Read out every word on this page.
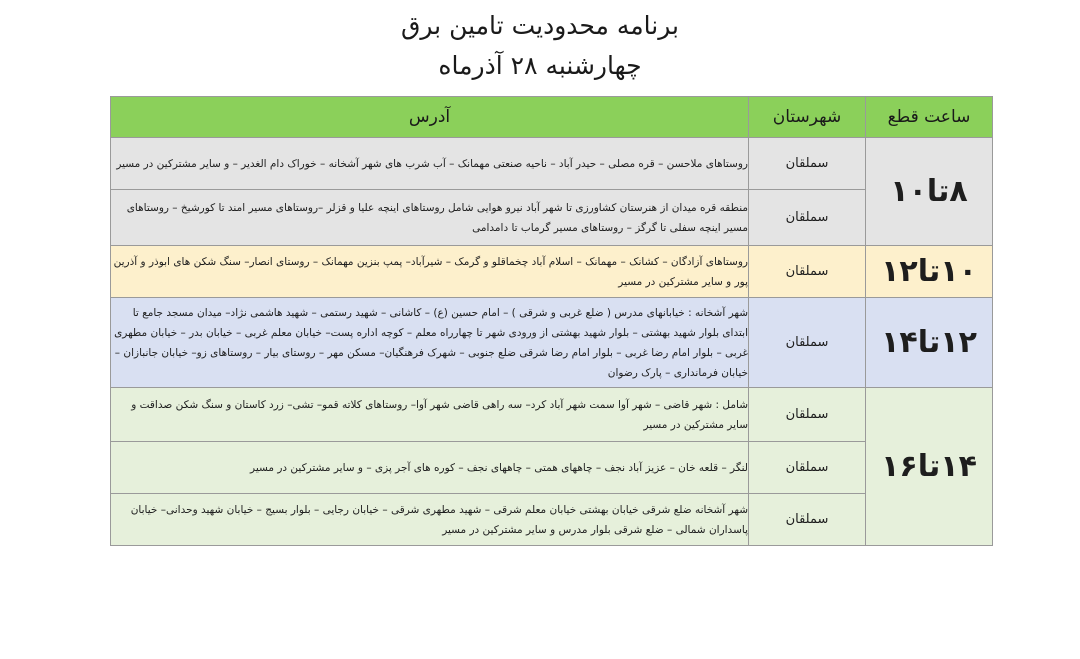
برنامه محدودیت تامین برق
چهارشنبه ۲۸ آذرماه
ساعت قطع	شهرستان	آدرس
۸تا۱۰	سملقان	روستاهای ملاحسن – قره مصلی – حیدر آباد – ناحیه صنعتی مهمانک – آب شرب های شهر آشخانه – خوراک دام الغدیر – و سایر مشترکین در مسیر
	سملقان	منطقه قره میدان از هنرستان کشاورزی تا شهر آباد نیرو هوایی شامل روستاهای اینچه علیا و قزلر –روستاهای مسیر امند تا کورشیخ – روستاهای مسیر اینچه سفلی تا گرگز – روستاهای مسیر گرماب تا دامدامی
۱۰تا۱۲	سملقان	روستاهای آزادگان – کشانک – مهمانک – اسلام آباد چخماقلو و گرمک – شیرآباد– پمپ بنزین مهمانک – روستای انصار– سنگ شکن های ابوذر و آذرین پور و سایر مشترکین در مسیر
۱۲تا۱۴	سملقان	شهر آشخانه : خیابانهای مدرس ( ضلع غربی و شرقی ) – امام حسین (ع) – کاشانی – شهید رستمی – شهید هاشمی نژاد– میدان مسجد جامع تا ابتدای بلوار شهید بهشتی – بلوار شهید بهشتی از ورودی شهر تا چهارراه معلم – کوچه اداره پست– خیابان معلم غربی – خیابان بدر – خیابان مطهری غربی – بلوار امام رضا غربی – بلوار امام رضا شرقی ضلع جنوبی – شهرک فرهنگیان– مسکن مهر – روستای بیار – روستاهای زو– خیابان جانبازان – خیابان فرمانداری – پارک رضوان
۱۴تا۱۶	سملقان	شامل : شهر قاضی – شهر آوا سمت شهر آباد کرد– سه راهی قاضی شهر آوا– روستاهای کلاته قمو– تشی– زرد کاستان و سنگ شکن صداقت و سایر مشترکین در مسیر
	سملقان	لنگر – قلعه خان – عزیز آباد نجف – چاههای همتی – چاههای نجف – کوره های آجر پزی – و سایر مشترکین در مسیر
	سملقان	شهر آشخانه ضلع شرقی خیابان بهشتی خیابان معلم شرقی – شهید مطهری شرقی – خیابان رجایی – بلوار بسیج – خیابان شهید وحدانی– خیابان پاسداران شمالی – ضلع شرقی بلوار مدرس و سایر مشترکین در مسیر
